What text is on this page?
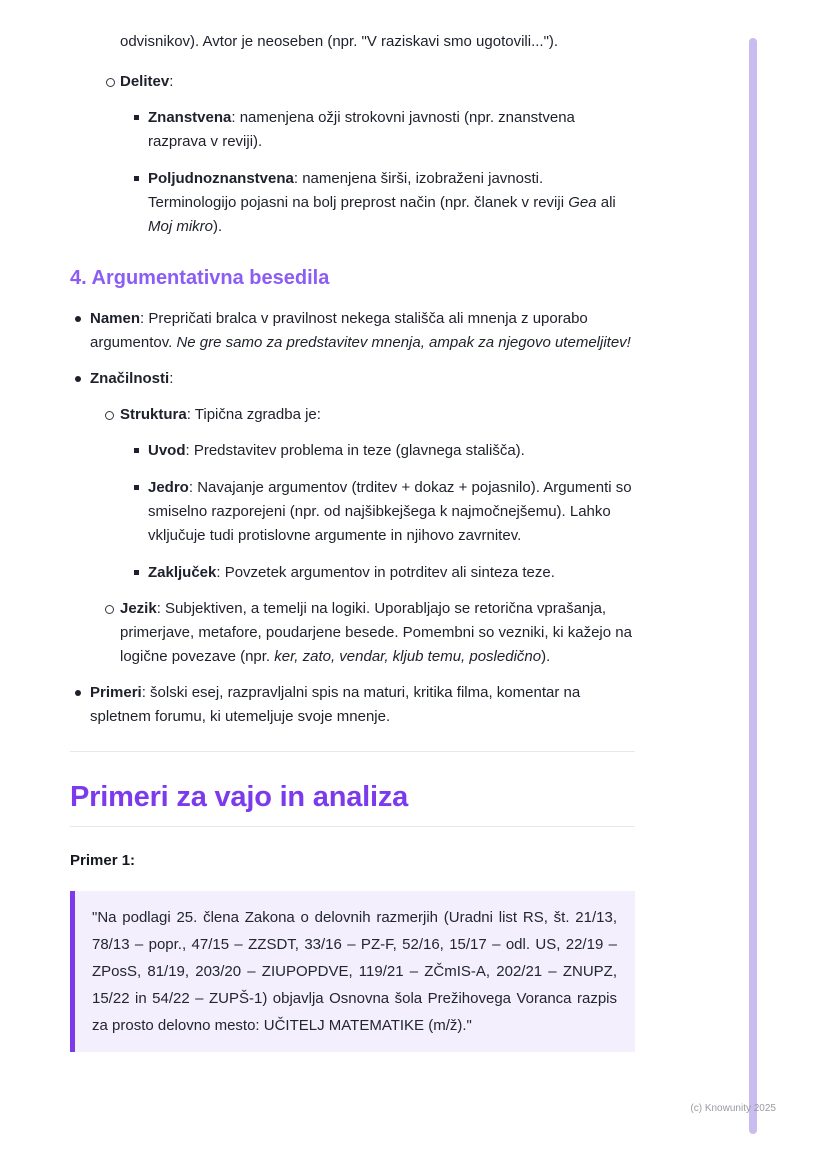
odvisnikov). Avtor je neoseben (npr. "V raziskavi smo ugotovili...").

Delitev:
Znanstvena: namenjena ožji strokovni javnosti (npr. znanstvena razprava v reviji).
Poljudnoznanstvena: namenjena širši, izobraženi javnosti. Terminologijo pojasni na bolj preprost način (npr. članek v reviji Gea ali Moj mikro).
4. Argumentativna besedila
Namen: Prepričati bralca v pravilnost nekega stališča ali mnenja z uporabo argumentov. Ne gre samo za predstavitev mnenja, ampak za njegovo utemeljitev!
Značilnosti:
Struktura: Tipična zgradba je:
Uvod: Predstavitev problema in teze (glavnega stališča).
Jedro: Navajanje argumentov (trditev + dokaz + pojasnilo). Argumenti so smiselno razporejeni (npr. od najšibkejšega k najmočnejšemu). Lahko vključuje tudi protislovne argumente in njihovo zavrnitev.
Zaključek: Povzetek argumentov in potrditev ali sinteza teze.
Jezik: Subjektiven, a temelji na logiki. Uporabljajo se retorična vprašanja, primerjave, metafore, poudarjene besede. Pomembni so vezniki, ki kažejo na logične povezave (npr. ker, zato, vendar, kljub temu, posledično).
Primeri: šolski esej, razpravljalni spis na maturi, kritika filma, komentar na spletnem forumu, ki utemeljuje svoje mnenje.
Primeri za vajo in analiza

Primer 1:

"Na podlagi 25. člena Zakona o delovnih razmerjih (Uradni list RS, št. 21/13, 78/13 – popr., 47/15 – ZZSDT, 33/16 – PZ-F, 52/16, 15/17 – odl. US, 22/19 – ZPosS, 81/19, 203/20 – ZIUPOPDVE, 119/21 – ZČmIS-A, 202/21 – ZNUPZ, 15/22 in 54/22 – ZUPŠ-1) objavlja Osnovna šola Prežihovega Voranca razpis za prosto delovno mesto: UČITELJ MATEMATIKE (m/ž)."
(c) Knowunity 2025
